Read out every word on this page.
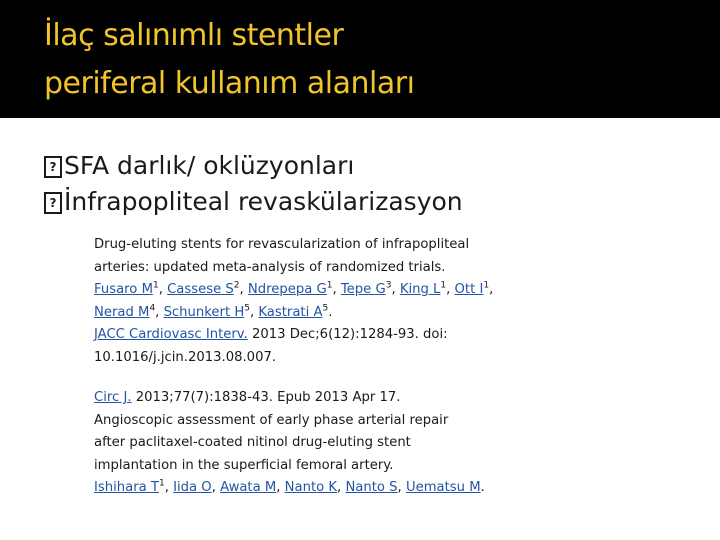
İlaç salınımlı stentler
periferal kullanım alanları
? SFA darlık/ oklüzyonları
? İnfrapopliteal revaskülarizasyon

Drug-eluting stents for revascularization of infrapopliteal

arteries: updated meta-analysis of randomized trials.

Fusaro $M^1$, Cassese $S^2$, Ndrepepa $G^1$, Tepe $G^3$, King $L^1$, Ott $I^1$,

Nerad $M^4$, Schunkert $H^5$, Kastrati $A^5$.

JACC Cardiovasc Interv. 2013 Dec;6(12):1284-93. doi:

10.1016/j.jcin.2013.08.007.

Circ J. 2013;77(7):1838-43. Epub 2013 Apr 17.

Angioscopic assessment of early phase arterial repair

after paclitaxel-coated nitinol drug-eluting stent

implantation in the superficial femoral artery.

Ishihara $T^1$, Iida O, Awata M, Nanto K, Nanto S, Uematsu M.
